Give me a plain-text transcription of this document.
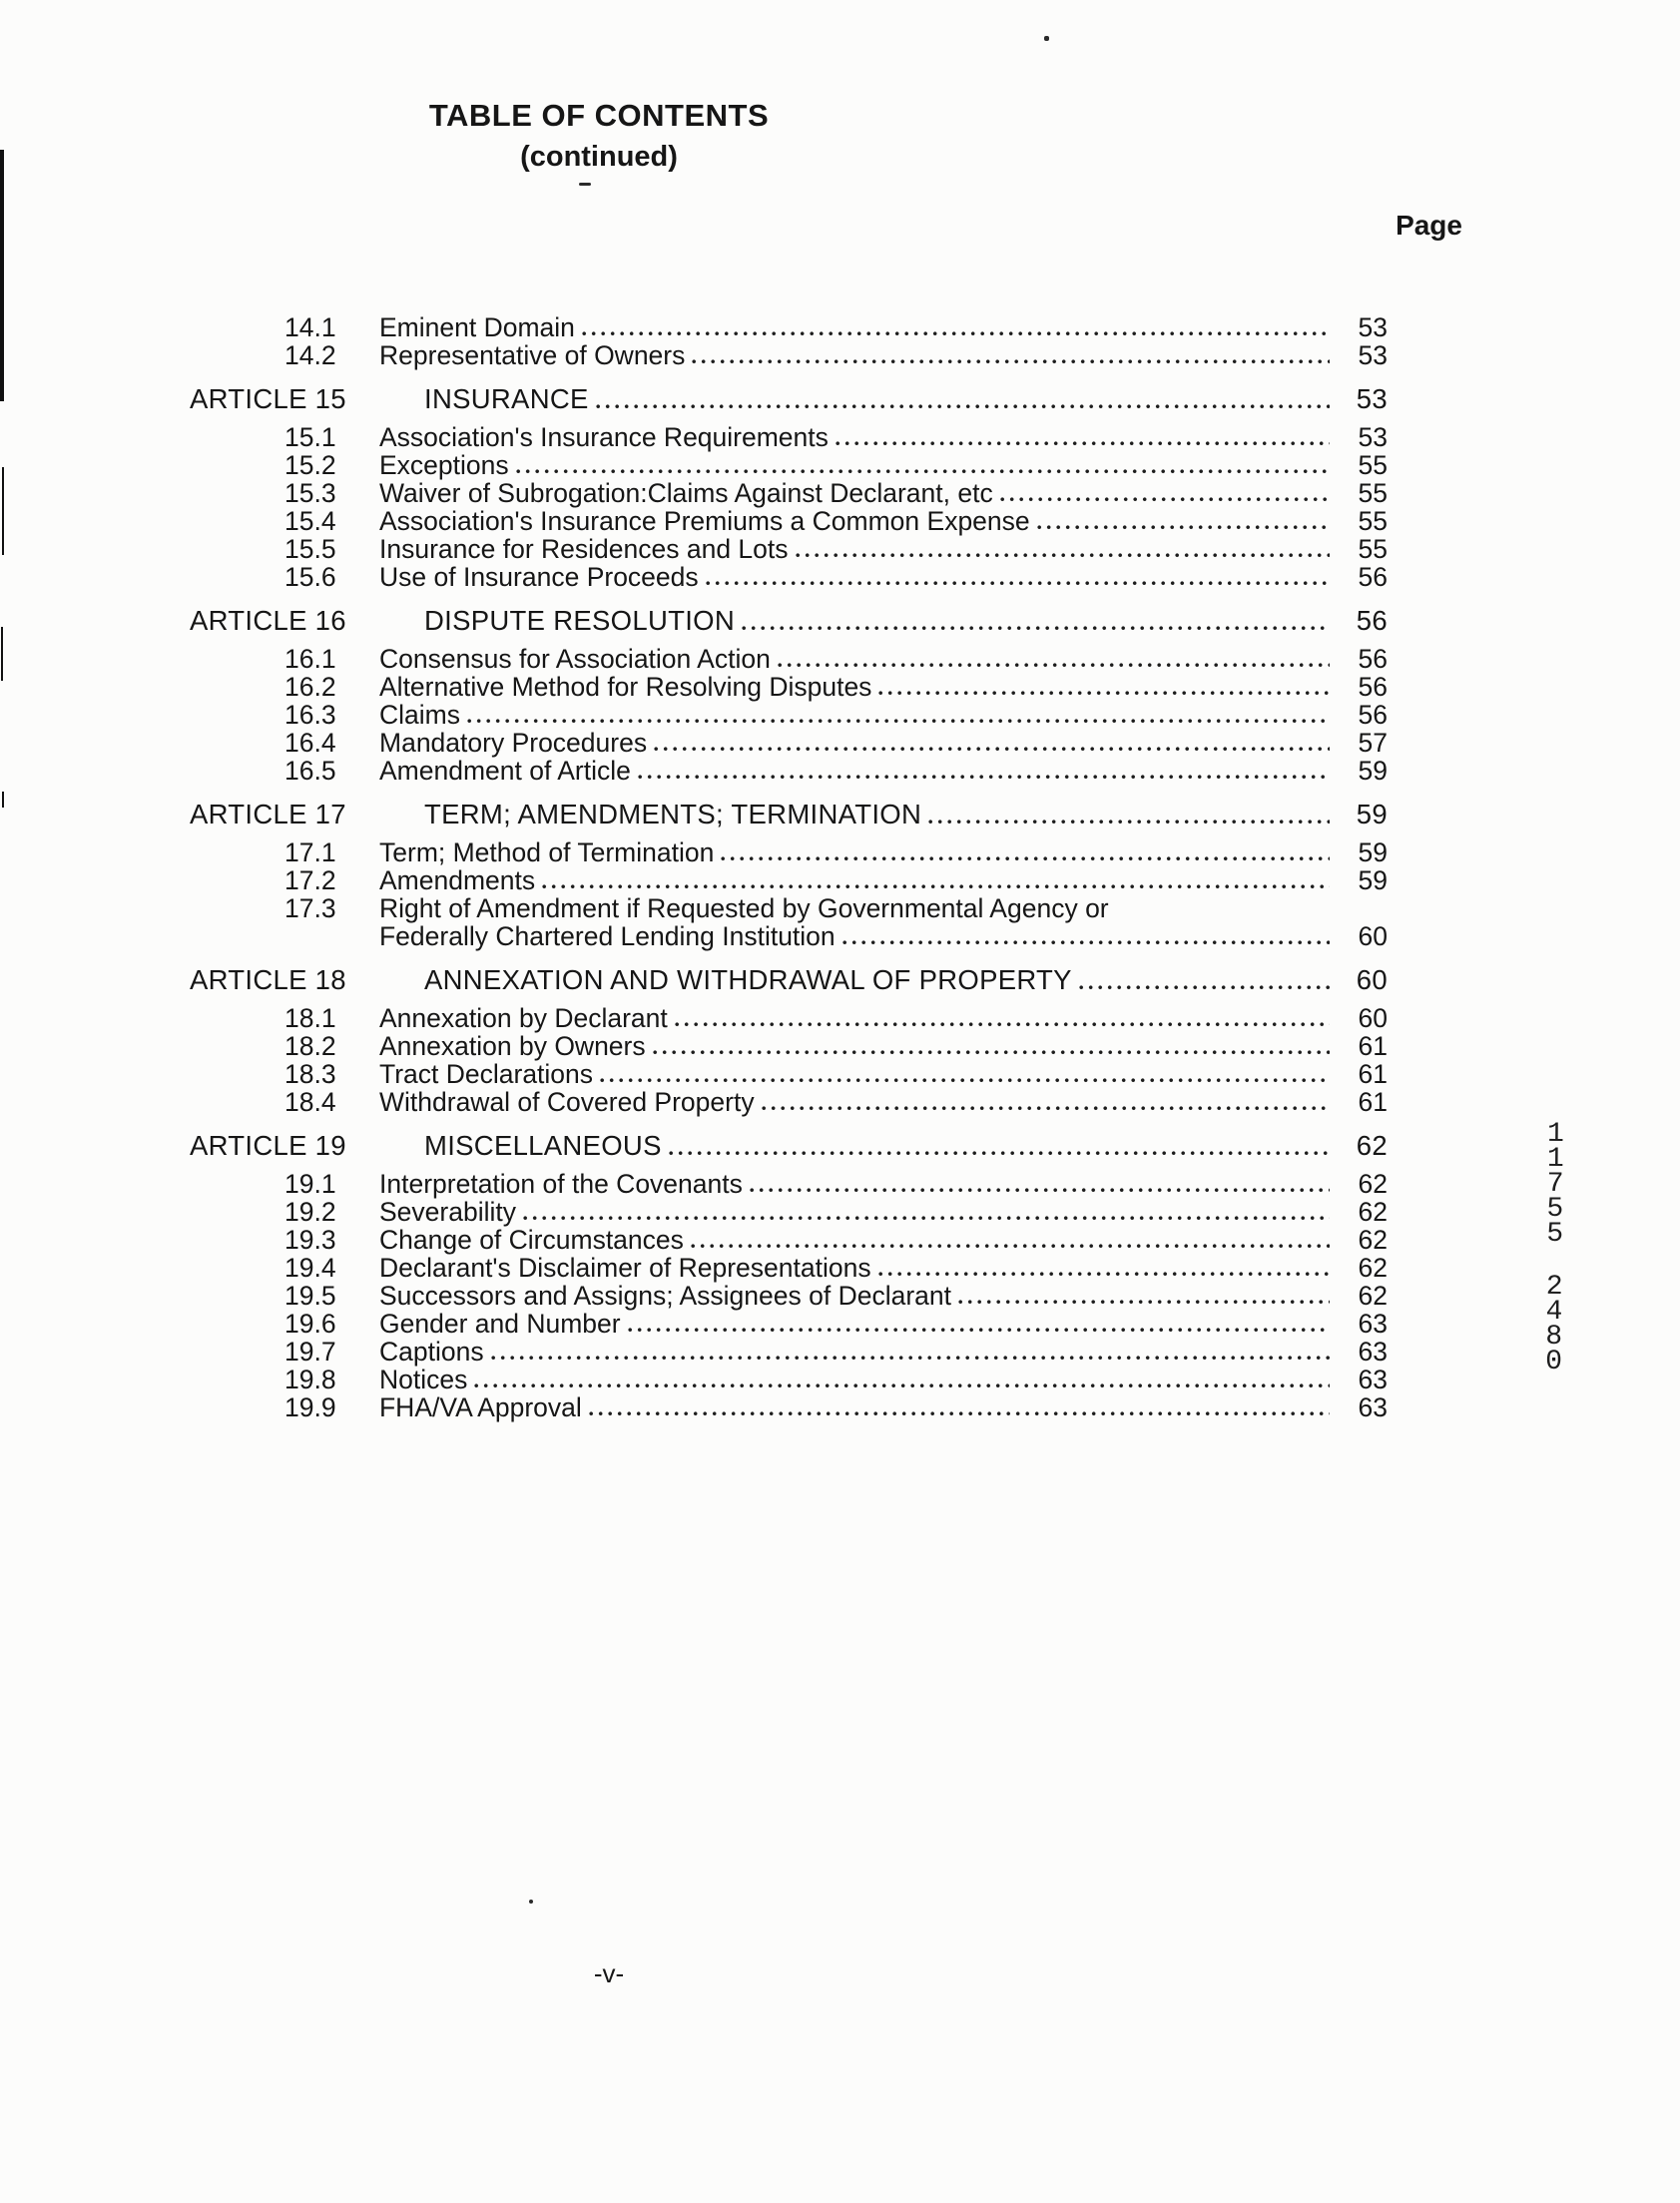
TABLE OF CONTENTS
(continued)
Page
14.1	Eminent Domain	53
14.2	Representative of Owners	53
ARTICLE 15	INSURANCE	53
15.1	Association's Insurance Requirements	53
15.2	Exceptions	55
15.3	Waiver of Subrogation:Claims Against Declarant, etc	55
15.4	Association's Insurance Premiums a Common Expense	55
15.5	Insurance for Residences and Lots	55
15.6	Use of Insurance Proceeds	56
ARTICLE 16	DISPUTE RESOLUTION	56
16.1	Consensus for Association Action	56
16.2	Alternative Method for Resolving Disputes	56
16.3	Claims	56
16.4	Mandatory Procedures	57
16.5	Amendment of Article	59
ARTICLE 17	TERM; AMENDMENTS; TERMINATION	59
17.1	Term; Method of Termination	59
17.2	Amendments	59
17.3	Right of Amendment if Requested by Governmental Agency or
Federally Chartered Lending Institution	60
ARTICLE 18	ANNEXATION AND WITHDRAWAL OF PROPERTY	60
18.1	Annexation by Declarant	60
18.2	Annexation by Owners	61
18.3	Tract Declarations	61
18.4	Withdrawal of Covered Property	61
ARTICLE 19	MISCELLANEOUS	62
19.1	Interpretation of the Covenants	62
19.2	Severability	62
19.3	Change of Circumstances	62
19.4	Declarant's Disclaimer of Representations	62
19.5	Successors and Assigns; Assignees of Declarant	62
19.6	Gender and Number	63
19.7	Captions	63
19.8	Notices	63
19.9	FHA/VA Approval	63
1
1
7
5
5
2
4
8
0
-v-
